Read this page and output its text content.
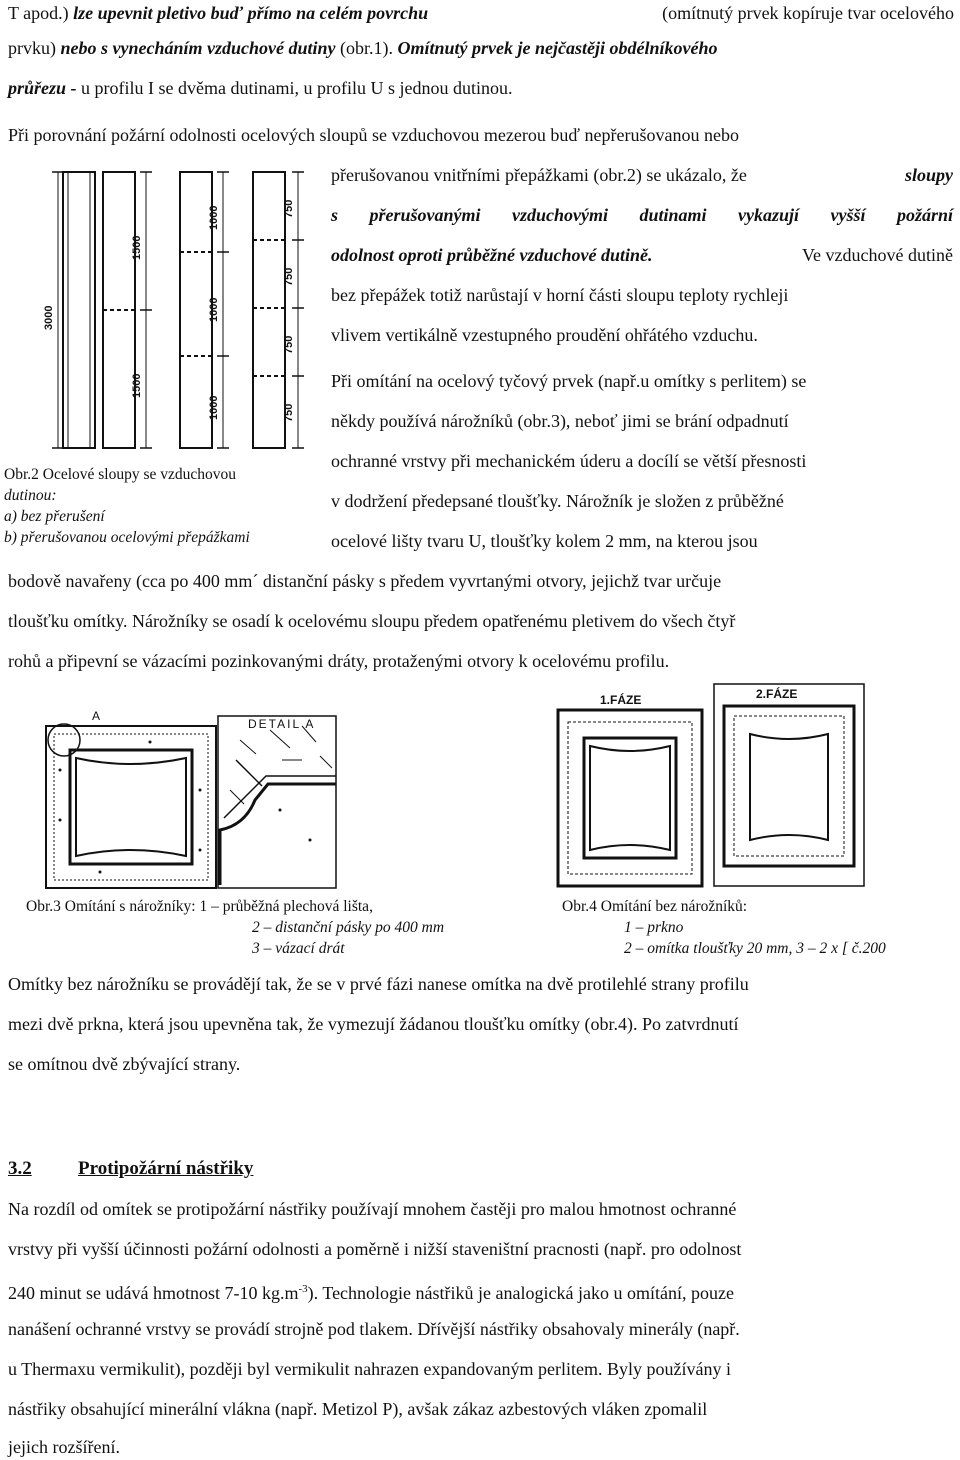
T apod.) lze upevnit pletivo buď přímo na celém povrchu	(omítnutý prvek kopíruje tvar ocelového
prvku) nebo s vynecháním vzduchové dutiny (obr.1). Omítnutý prvek je nejčastěji obdélníkového
průřezu - u profilu I se dvěma dutinami, u profilu U s jednou dutinou.
Při porovnání požární odolnosti ocelových sloupů se vzduchovou mezerou buď nepřerušovanou nebo
přerušovanou vnitřními přepážkami (obr.2) se ukázalo, že	sloupy
s přerušovanými vzduchovými dutinami vykazují vyšší požární
odolnost oproti průběžné vzduchové dutině.	Ve vzduchové dutině
bez přepážek totiž narůstají v horní části sloupu teploty rychleji
vlivem vertikálně vzestupného proudění ohřátého vzduchu.
Při omítání na ocelový tyčový prvek (např.u omítky s perlitem) se
někdy používá nárožníků (obr.3), neboť jimi se brání odpadnutí
ochranné vrstvy při mechanickém úderu a docílí se větší přesnosti
v dodržení předepsané tloušťky. Nárožník je složen z průběžné
ocelové lišty tvaru U, tloušťky kolem 2 mm, na kterou jsou
bodově navařeny (cca po 400 mm´ distanční pásky s předem vyvrtanými otvory, jejichž tvar určuje
tloušťku omítky. Nárožníky se osadí k ocelovému sloupu předem opatřenému pletivem do všech čtyř
rohů a připevní se vázacími pozinkovanými dráty, protaženými otvory k ocelovému profilu.
3000
1500
1500
1000
1000
1000
750
750
750
750
Obr.2 Ocelové sloupy se vzduchovou
dutinou:
a) bez přerušení
b) přerušovanou ocelovými přepážkami
A
DETAIL A
1.FÁZE	2.FÁZE
Obr.3 Omítání s nárožníky: 1 – průběžná plechová lišta,
2 – distanční pásky po 400 mm
3 – vázací drát
Obr.4 Omítání bez nárožníků:
1 – prkno
2 – omítka tloušťky 20 mm, 3 – 2 x [ č.200
Omítky bez nárožníku se provádějí tak, že se v prvé fázi nanese omítka na dvě protilehlé strany profilu
mezi dvě prkna, která jsou upevněna tak, že vymezují žádanou tloušťku omítky (obr.4). Po zatvrdnutí
se omítnou dvě zbývající strany.
3.2 Protipožární nástřiky
Na rozdíl od omítek se protipožární nástřiky používají mnohem častěji pro malou hmotnost ochranné
vrstvy při vyšší účinnosti požární odolnosti a poměrně i nižší staveništní pracnosti (např. pro odolnost
240 minut se udává hmotnost 7-10 $kg.m^{-3}$). Technologie nástřiků je analogická jako u omítání, pouze
nanášení ochranné vrstvy se provádí strojně pod tlakem. Dřívější nástřiky obsahovaly minerály (např.
u Thermaxu vermikulit), později byl vermikulit nahrazen expandovaným perlitem. Byly používány i
nástřiky obsahující minerální vlákna (např. Metizol P), avšak zákaz azbestových vláken zpomalil
jejich rozšíření.
